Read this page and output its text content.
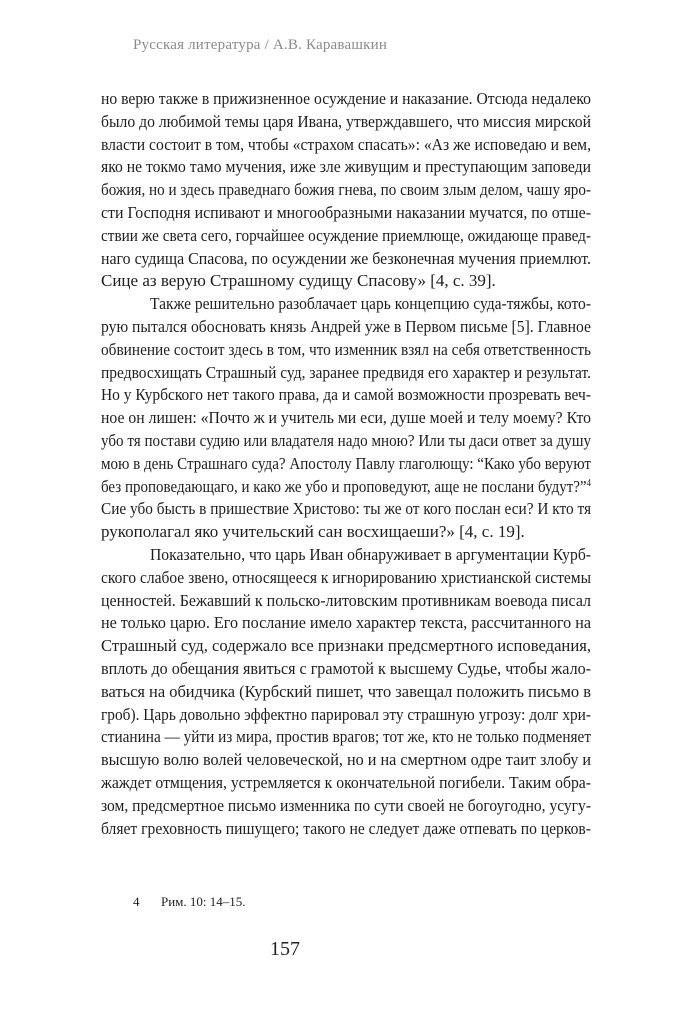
Русская литература / А.В. Каравашкин
но верю также в прижизненное осуждение и наказание. Отсюда недалеко
было до любимой темы царя Ивана, утверждавшего, что миссия мирской
власти состоит в том, чтобы «страхом спасать»: «Аз же исповедаю и вем,
яко не токмо тамо мучения, иже зле живущим и преступающим заповеди
божия, но и здесь праведнаго божия гнева, по своим злым делом, чашу яро-
сти Господня испивают и многообразными наказании мучатся, по отше-
ствии же света сего, горчайшее осуждение приемлюще, ожидающе правед-
наго судища Спасова, по осуждении же безконечная мучения приемлют.
Сице аз верую Страшному судищу Спасову» [4, с. 39].
Также решительно разоблачает царь концепцию суда-тяжбы, кото-
рую пытался обосновать князь Андрей уже в Первом письме [5]. Главное
обвинение состоит здесь в том, что изменник взял на себя ответственность
предвосхищать Страшный суд, заранее предвидя его характер и результат.
Но у Курбского нет такого права, да и самой возможности прозревать веч-
ное он лишен: «Почто ж и учитель ми еси, душе моей и телу моему? Кто
убо тя постави судию или владателя надо мною? Или ты даси ответ за душу
мою в день Страшнаго суда? Апостолу Павлу глаголющу: “Како убо веруют
без проповедающаго, и како же убо и проповедуют, аще не послани будут?”$^4$
Сие убо бысть в пришествие Христово: ты же от кого послан еси? И кто тя
рукополагал яко учительский сан восхищаеши?» [4, с. 19].
Показательно, что царь Иван обнаруживает в аргументации Курб-
ского слабое звено, относящееся к игнорированию христианской системы
ценностей. Бежавший к польско-литовским противникам воевода писал
не только царю. Его послание имело характер текста, рассчитанного на
Страшный суд, содержало все признаки предсмертного исповедания,
вплоть до обещания явиться с грамотой к высшему Судье, чтобы жало-
ваться на обидчика (Курбский пишет, что завещал положить письмо в
гроб). Царь довольно эффектно парировал эту страшную угрозу: долг хри-
стианина — уйти из мира, простив врагов; тот же, кто не только подменяет
высшую волю волей человеческой, но и на смертном одре таит злобу и
жаждет отмщения, устремляется к окончательной погибели. Таким обра-
зом, предсмертное письмо изменника по сути своей не богоугодно, усугу-
бляет греховность пишущего; такого не следует даже отпевать по церков-
4 Рим. 10: 14–15.
157
